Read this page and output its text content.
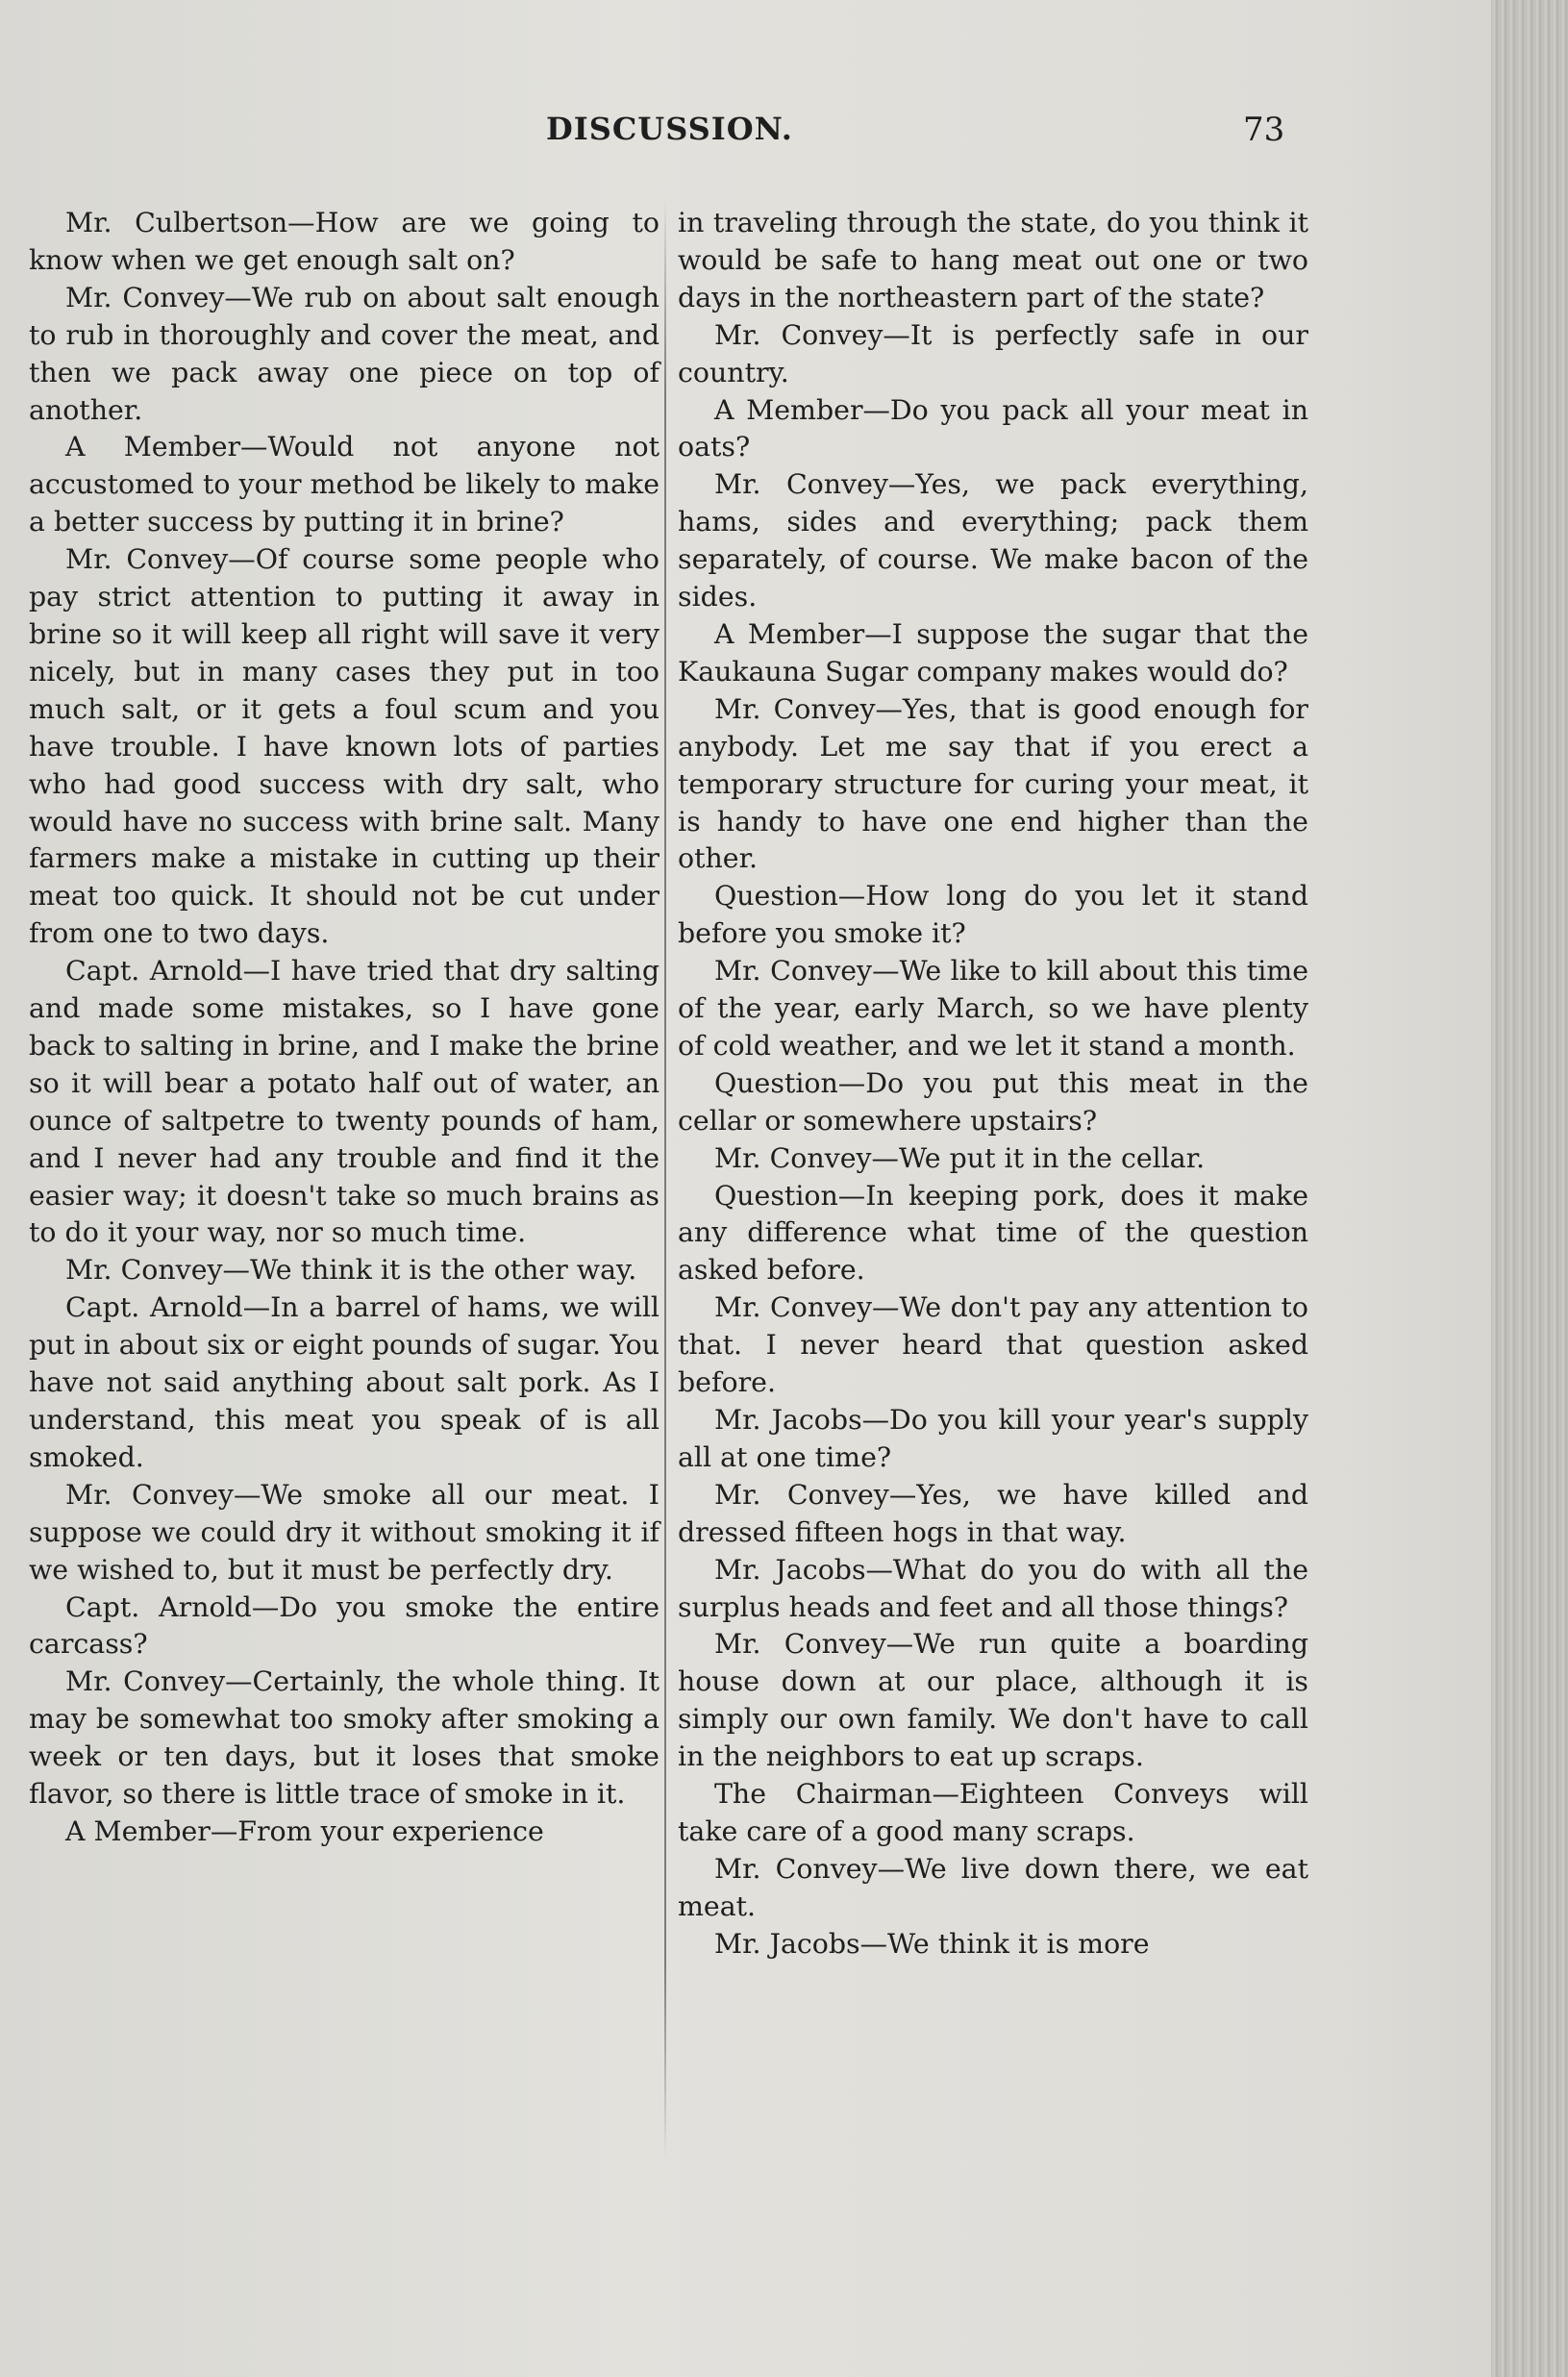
DISCUSSION.	73

Mr. Culbertson—How are we going to know when we get enough salt on?

Mr. Convey—We rub on about salt enough to rub in thoroughly and cover the meat, and then we pack away one piece on top of another.

A Member—Would not anyone not accustomed to your method be likely to make a better success by putting it in brine?

Mr. Convey—Of course some people who pay strict attention to putting it away in brine so it will keep all right will save it very nicely, but in many cases they put in too much salt, or it gets a foul scum and you have trouble. I have known lots of parties who had good success with dry salt, who would have no success with brine salt. Many farmers make a mistake in cutting up their meat too quick. It should not be cut under from one to two days.

Capt. Arnold—I have tried that dry salting and made some mistakes, so I have gone back to salting in brine, and I make the brine so it will bear a potato half out of water, an ounce of saltpetre to twenty pounds of ham, and I never had any trouble and find it the easier way; it doesn't take so much brains as to do it your way, nor so much time.

Mr. Convey—We think it is the other way.

Capt. Arnold—In a barrel of hams, we will put in about six or eight pounds of sugar. You have not said anything about salt pork. As I understand, this meat you speak of is all smoked.

Mr. Convey—We smoke all our meat. I suppose we could dry it without smoking it if we wished to, but it must be perfectly dry.

Capt. Arnold—Do you smoke the entire carcass?

Mr. Convey—Certainly, the whole thing. It may be somewhat too smoky after smoking a week or ten days, but it loses that smoke flavor, so there is little trace of smoke in it.

A Member—From your experience

in traveling through the state, do you think it would be safe to hang meat out one or two days in the northeastern part of the state?

Mr. Convey—It is perfectly safe in our country.

A Member—Do you pack all your meat in oats?

Mr. Convey—Yes, we pack everything, hams, sides and everything; pack them separately, of course. We make bacon of the sides.

A Member—I suppose the sugar that the Kaukauna Sugar company makes would do?

Mr. Convey—Yes, that is good enough for anybody. Let me say that if you erect a temporary structure for curing your meat, it is handy to have one end higher than the other.

Question—How long do you let it stand before you smoke it?

Mr. Convey—We like to kill about this time of the year, early March, so we have plenty of cold weather, and we let it stand a month.

Question—Do you put this meat in the cellar or somewhere upstairs?

Mr. Convey—We put it in the cellar.

Question—In keeping pork, does it make any difference what time of the question asked before.

Mr. Convey—We don't pay any attention to that. I never heard that question asked before.

Mr. Jacobs—Do you kill your year's supply all at one time?

Mr. Convey—Yes, we have killed and dressed fifteen hogs in that way.

Mr. Jacobs—What do you do with all the surplus heads and feet and all those things?

Mr. Convey—We run quite a boarding house down at our place, although it is simply our own family. We don't have to call in the neighbors to eat up scraps.

The Chairman—Eighteen Conveys will take care of a good many scraps.

Mr. Convey—We live down there, we eat meat.

Mr. Jacobs—We think it is more
